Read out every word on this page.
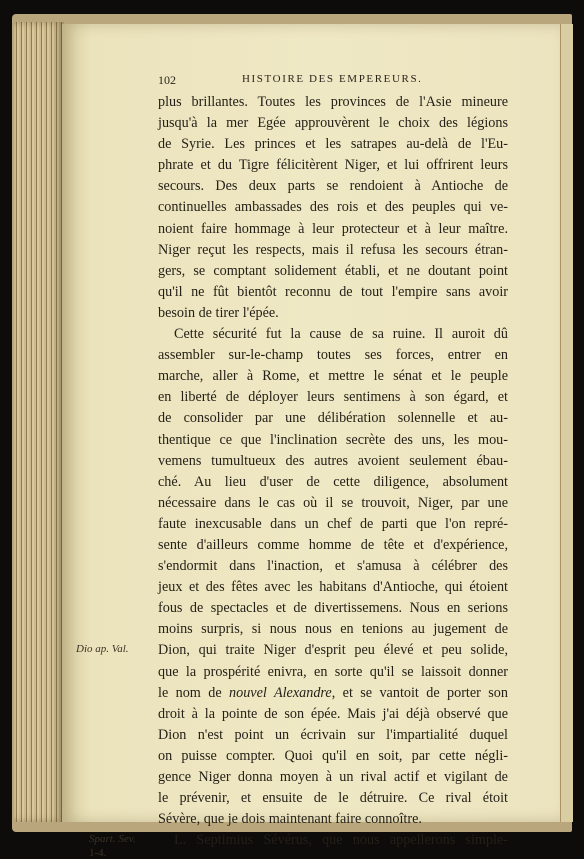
102	HISTOIRE DES EMPEREURS.
plus brillantes. Toutes les provinces de l'Asie mineure
jusqu'à la mer Egée approuvèrent le choix des légions
de Syrie. Les princes et les satrapes au-delà de l'Eu-
phrate et du Tigre félicitèrent Niger, et lui offrirent leurs
secours. Des deux parts se rendoient à Antioche de
continuelles ambassades des rois et des peuples qui ve-
noient faire hommage à leur protecteur et à leur maître.
Niger reçut les respects, mais il refusa les secours étran-
gers, se comptant solidement établi, et ne doutant point
qu'il ne fût bientôt reconnu de tout l'empire sans avoir
besoin de tirer l'épée.
Cette sécurité fut la cause de sa ruine. Il auroit dû
assembler sur-le-champ toutes ses forces, entrer en
marche, aller à Rome, et mettre le sénat et le peuple
en liberté de déployer leurs sentimens à son égard, et
de consolider par une délibération solennelle et au-
thentique ce que l'inclination secrète des uns, les mou-
vemens tumultueux des autres avoient seulement ébau-
ché. Au lieu d'user de cette diligence, absolument
nécessaire dans le cas où il se trouvoit, Niger, par une
faute inexcusable dans un chef de parti que l'on repré-
sente d'ailleurs comme homme de tête et d'expérience,
s'endormit dans l'inaction, et s'amusa à célébrer des
jeux et des fêtes avec les habitans d'Antioche, qui étoient
fous de spectacles et de divertissemens. Nous en serions
moins surpris, si nous nous en tenions au jugement de
Dion, qui traite Niger d'esprit peu élevé et peu solide,
que la prospérité enivra, en sorte qu'il se laissoit donner
le nom de nouvel Alexandre, et se vantoit de porter son
droit à la pointe de son épée. Mais j'ai déjà observé que
Dion n'est point un écrivain sur l'impartialité duquel
on puisse compter. Quoi qu'il en soit, par cette négli-
gence Niger donna moyen à un rival actif et vigilant de
le prévenir, et ensuite de le détruire. Ce rival étoit
Sévère, que je dois maintenant faire connoître.
L. Septimius Sévérus, que nous appellerons simple-
Dio ap. Val.
Spart. Sev.
1-4.
